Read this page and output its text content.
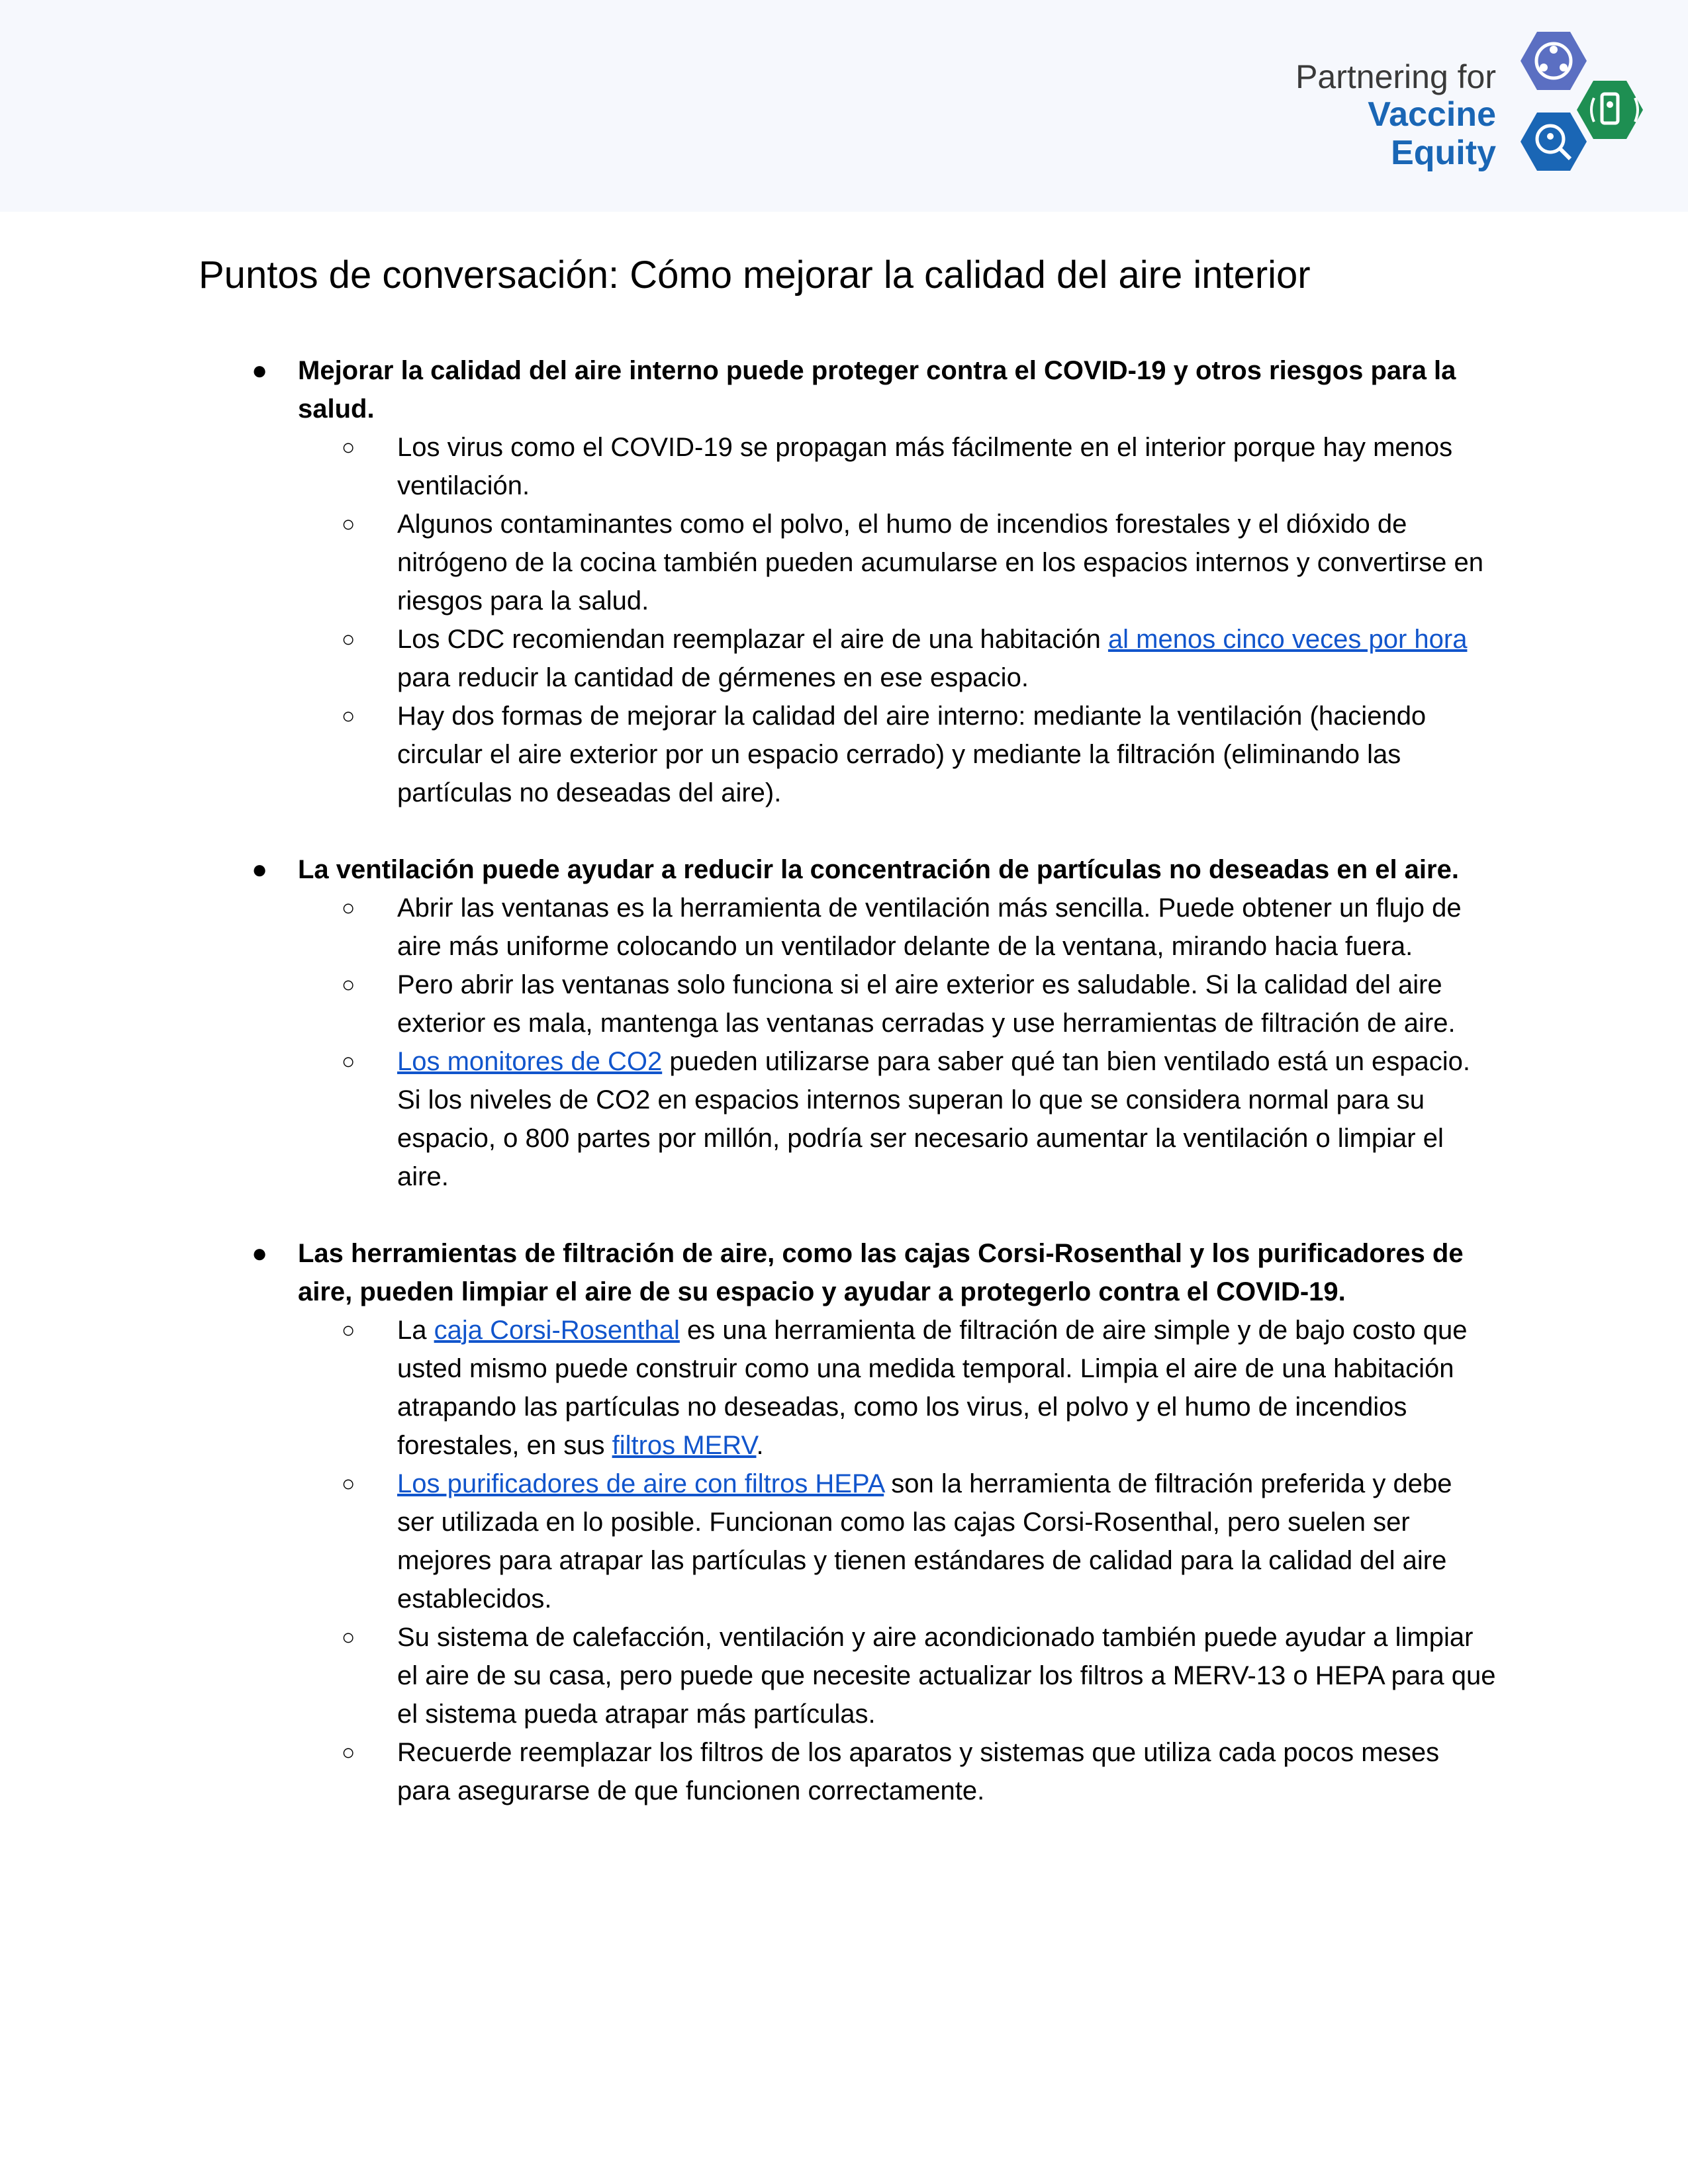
Partnering for
Vaccine Equity
Puntos de conversación: Cómo mejorar la calidad del aire interior
● Mejorar la calidad del aire interno puede proteger contra el COVID-19 y otros riesgos para la salud.

○ Los virus como el COVID-19 se propagan más fácilmente en el interior porque hay menos ventilación.
○ Algunos contaminantes como el polvo, el humo de incendios forestales y el dióxido de nitrógeno de la cocina también pueden acumularse en los espacios internos y convertirse en riesgos para la salud.
○ Los CDC recomiendan reemplazar el aire de una habitación al menos cinco veces por hora para reducir la cantidad de gérmenes en ese espacio.
○ Hay dos formas de mejorar la calidad del aire interno: mediante la ventilación (haciendo circular el aire exterior por un espacio cerrado) y mediante la filtración (eliminando las partículas no deseadas del aire).
● La ventilación puede ayudar a reducir la concentración de partículas no deseadas en el aire.

○ Abrir las ventanas es la herramienta de ventilación más sencilla. Puede obtener un flujo de aire más uniforme colocando un ventilador delante de la ventana, mirando hacia fuera.
○ Pero abrir las ventanas solo funciona si el aire exterior es saludable. Si la calidad del aire exterior es mala, mantenga las ventanas cerradas y use herramientas de filtración de aire.
○ Los monitores de CO2 pueden utilizarse para saber qué tan bien ventilado está un espacio. Si los niveles de CO2 en espacios internos superan lo que se considera normal para su espacio, o 800 partes por millón, podría ser necesario aumentar la ventilación o limpiar el aire.
● Las herramientas de filtración de aire, como las cajas Corsi-Rosenthal y los purificadores de aire, pueden limpiar el aire de su espacio y ayudar a protegerlo contra el COVID-19.

○ La caja Corsi-Rosenthal es una herramienta de filtración de aire simple y de bajo costo que usted mismo puede construir como una medida temporal. Limpia el aire de una habitación atrapando las partículas no deseadas, como los virus, el polvo y el humo de incendios forestales, en sus filtros MERV.
○ Los purificadores de aire con filtros HEPA son la herramienta de filtración preferida y debe ser utilizada en lo posible. Funcionan como las cajas Corsi-Rosenthal, pero suelen ser mejores para atrapar las partículas y tienen estándares de calidad para la calidad del aire establecidos.
○ Su sistema de calefacción, ventilación y aire acondicionado también puede ayudar a limpiar el aire de su casa, pero puede que necesite actualizar los filtros a MERV-13 o HEPA para que el sistema pueda atrapar más partículas.
○ Recuerde reemplazar los filtros de los aparatos y sistemas que utiliza cada pocos meses para asegurarse de que funcionen correctamente.
